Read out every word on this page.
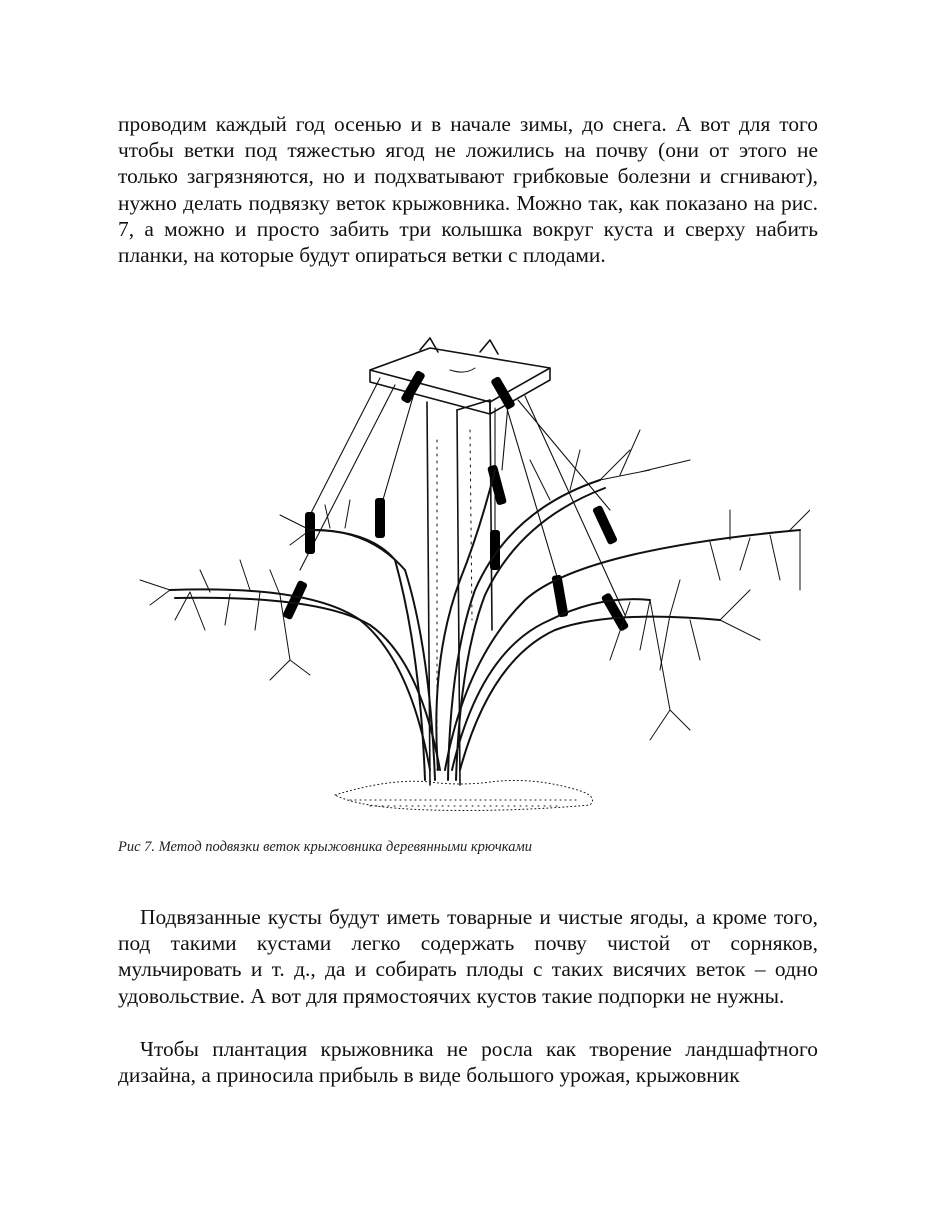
проводим каждый год осенью и в начале зимы, до снега. А вот для того чтобы ветки под тяжестью ягод не ложились на почву (они от этого не только загрязняются, но и подхватывают грибковые болезни и сгнивают), нужно делать подвязку веток крыжовника. Можно так, как показано на рис. 7, а можно и просто забить три колышка вокруг куста и сверху набить планки, на которые будут опираться ветки с плодами.

Рис 7. Метод подвязки веток крыжовника деревянными крючками

Подвязанные кусты будут иметь товарные и чистые ягоды, а кроме того, под такими кустами легко содержать почву чистой от сорняков, мульчировать и т. д., да и собирать плоды с таких висячих веток – одно удовольствие. А вот для прямостоячих кустов такие подпорки не нужны.

Чтобы плантация крыжовника не росла как творение ландшафтного дизайна, а приносила прибыль в виде большого урожая, крыжовник
